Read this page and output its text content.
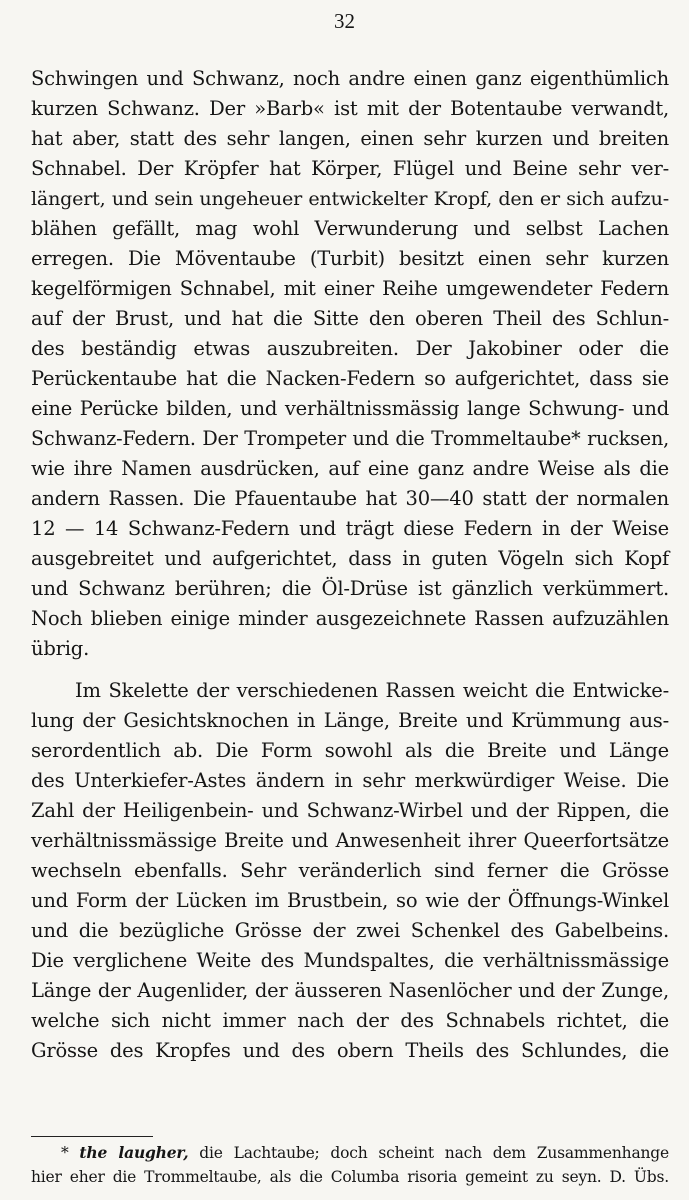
32
Schwingen und Schwanz, noch andre einen ganz eigenthümlich
kurzen Schwanz. Der »Barb« ist mit der Botentaube verwandt,
hat aber, statt des sehr langen, einen sehr kurzen und breiten
Schnabel. Der Kröpfer hat Körper, Flügel und Beine sehr ver-
längert, und sein ungeheuer entwickelter Kropf, den er sich aufzu-
blähen gefällt, mag wohl Verwunderung und selbst Lachen
erregen. Die Möventaube (Turbit) besitzt einen sehr kurzen
kegelförmigen Schnabel, mit einer Reihe umgewendeter Federn
auf der Brust, und hat die Sitte den oberen Theil des Schlun-
des beständig etwas auszubreiten. Der Jakobiner oder die
Perückentaube hat die Nacken-Federn so aufgerichtet, dass sie
eine Perücke bilden, und verhältnissmässig lange Schwung- und
Schwanz-Federn. Der Trompeter und die Trommeltaube* rucksen,
wie ihre Namen ausdrücken, auf eine ganz andre Weise als die
andern Rassen. Die Pfauentaube hat 30—40 statt der normalen
12 — 14 Schwanz-Federn und trägt diese Federn in der Weise
ausgebreitet und aufgerichtet, dass in guten Vögeln sich Kopf
und Schwanz berühren; die Öl-Drüse ist gänzlich verkümmert.
Noch blieben einige minder ausgezeichnete Rassen aufzuzählen
übrig.
Im Skelette der verschiedenen Rassen weicht die Entwicke-
lung der Gesichtsknochen in Länge, Breite und Krümmung aus-
serordentlich ab. Die Form sowohl als die Breite und Länge
des Unterkiefer-Astes ändern in sehr merkwürdiger Weise. Die
Zahl der Heiligenbein- und Schwanz-Wirbel und der Rippen, die
verhältnissmässige Breite und Anwesenheit ihrer Queerfortsätze
wechseln ebenfalls. Sehr veränderlich sind ferner die Grösse
und Form der Lücken im Brustbein, so wie der Öffnungs-Winkel
und die bezügliche Grösse der zwei Schenkel des Gabelbeins.
Die verglichene Weite des Mundspaltes, die verhältnissmässige
Länge der Augenlider, der äusseren Nasenlöcher und der Zunge,
welche sich nicht immer nach der des Schnabels richtet, die
Grösse des Kropfes und des obern Theils des Schlundes, die
* the laugher, die Lachtaube; doch scheint nach dem Zusammenhange
hier eher die Trommeltaube, als die Columba risoria gemeint zu seyn. D. Übs.
